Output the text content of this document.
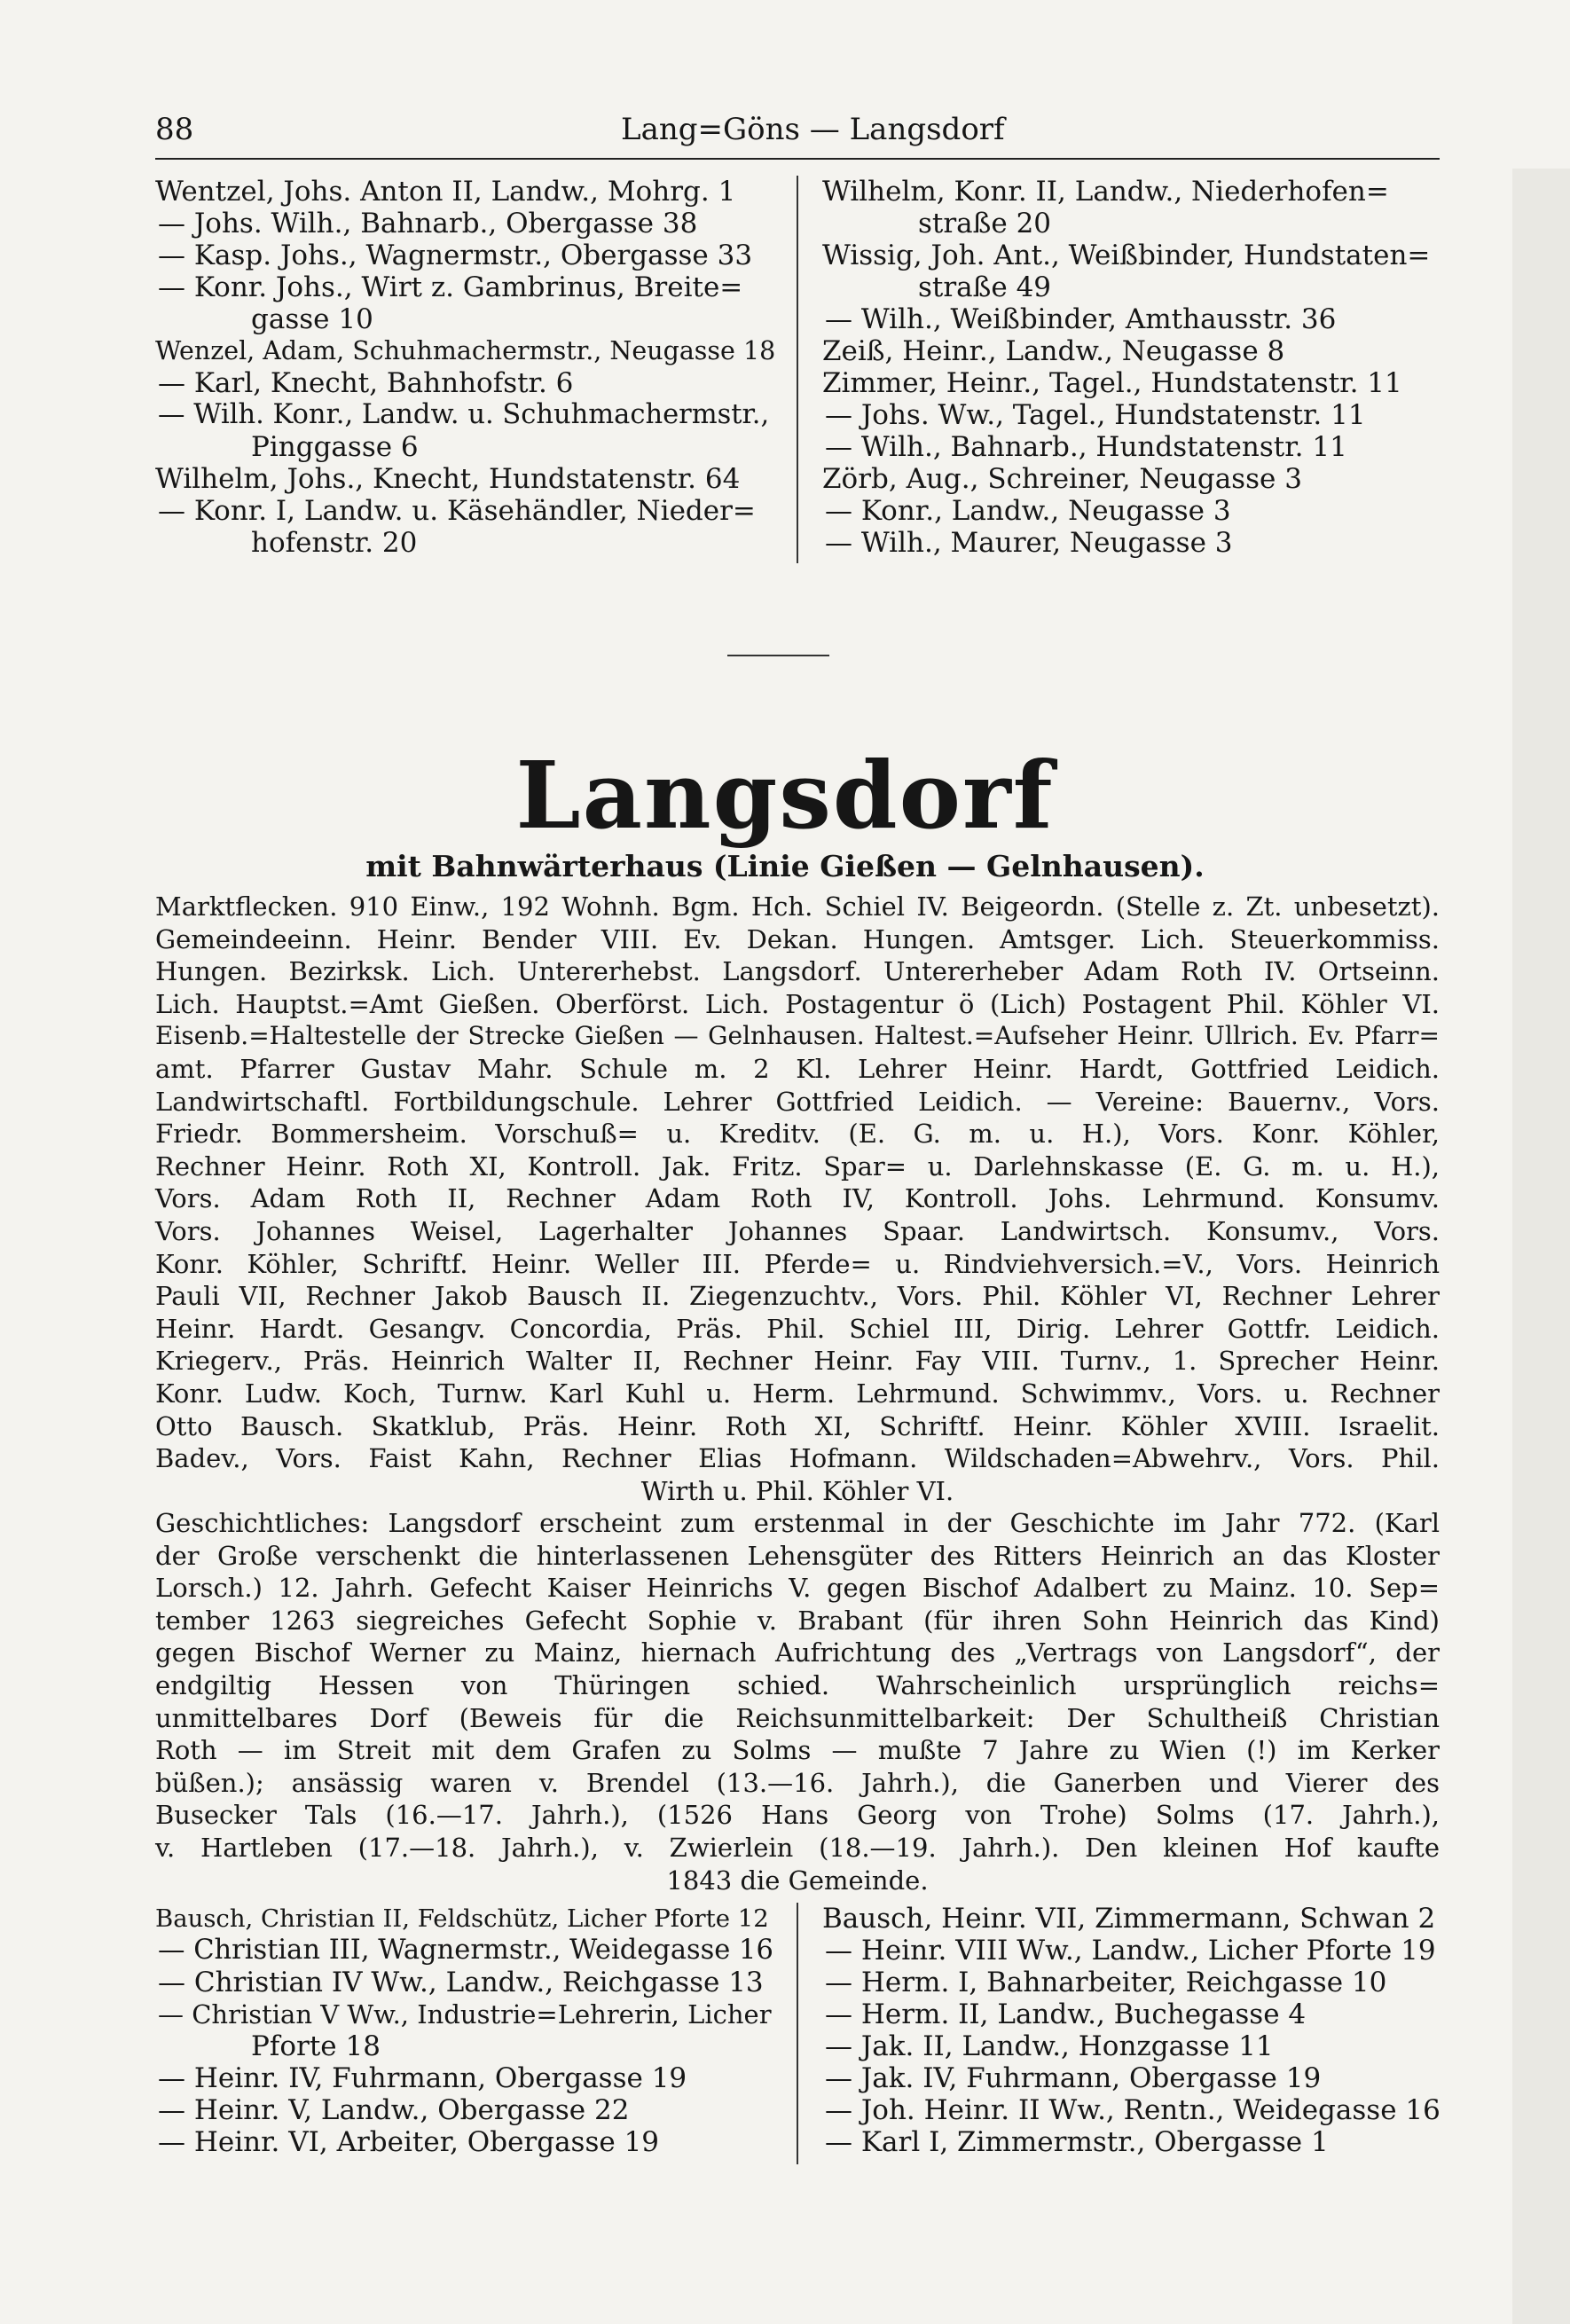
88	Lang=Göns — Langsdorf
Wentzel, Johs. Anton II, Landw., Mohrg. 1
— Johs. Wilh., Bahnarb., Obergasse 38
— Kasp. Johs., Wagnermstr., Obergasse 33
— Konr. Johs., Wirt z. Gambrinus, Breite=
gasse 10
Wenzel, Adam, Schuhmachermstr., Neugasse 18
— Karl, Knecht, Bahnhofstr. 6
— Wilh. Konr., Landw. u. Schuhmachermstr.,
Pinggasse 6
Wilhelm, Johs., Knecht, Hundstatenstr. 64
— Konr. I, Landw. u. Käsehändler, Nieder=
hofenstr. 20
Wilhelm, Konr. II, Landw., Niederhofen=
straße 20
Wissig, Joh. Ant., Weißbinder, Hundstaten=
straße 49
— Wilh., Weißbinder, Amthausstr. 36
Zeiß, Heinr., Landw., Neugasse 8
Zimmer, Heinr., Tagel., Hundstatenstr. 11
— Johs. Ww., Tagel., Hundstatenstr. 11
— Wilh., Bahnarb., Hundstatenstr. 11
Zörb, Aug., Schreiner, Neugasse 3
— Konr., Landw., Neugasse 3
— Wilh., Maurer, Neugasse 3
Langsdorf
mit Bahnwärterhaus (Linie Gießen — Gelnhausen).
Marktflecken. 910 Einw., 192 Wohnh. Bgm. Hch. Schiel IV. Beigeordn. (Stelle z. Zt. unbesetzt).
Gemeindeeinn. Heinr. Bender VIII. Ev. Dekan. Hungen. Amtsger. Lich. Steuerkommiss.
Hungen. Bezirksk. Lich. Untererhebst. Langsdorf. Untererheber Adam Roth IV. Ortseinn.
Lich. Hauptst.=Amt Gießen. Oberförst. Lich. Postagentur ö (Lich) Postagent Phil. Köhler VI.
Eisenb.=Haltestelle der Strecke Gießen — Gelnhausen. Haltest.=Aufseher Heinr. Ullrich. Ev. Pfarr=
amt. Pfarrer Gustav Mahr. Schule m. 2 Kl. Lehrer Heinr. Hardt, Gottfried Leidich.
Landwirtschaftl. Fortbildungschule. Lehrer Gottfried Leidich. — Vereine: Bauernv., Vors.
Friedr. Bommersheim. Vorschuß= u. Kreditv. (E. G. m. u. H.), Vors. Konr. Köhler,
Rechner Heinr. Roth XI, Kontroll. Jak. Fritz. Spar= u. Darlehnskasse (E. G. m. u. H.),
Vors. Adam Roth II, Rechner Adam Roth IV, Kontroll. Johs. Lehrmund. Konsumv.
Vors. Johannes Weisel, Lagerhalter Johannes Spaar. Landwirtsch. Konsumv., Vors.
Konr. Köhler, Schriftf. Heinr. Weller III. Pferde= u. Rindviehversich.=V., Vors. Heinrich
Pauli VII, Rechner Jakob Bausch II. Ziegenzuchtv., Vors. Phil. Köhler VI, Rechner Lehrer
Heinr. Hardt. Gesangv. Concordia, Präs. Phil. Schiel III, Dirig. Lehrer Gottfr. Leidich.
Kriegerv., Präs. Heinrich Walter II, Rechner Heinr. Fay VIII. Turnv., 1. Sprecher Heinr.
Konr. Ludw. Koch, Turnw. Karl Kuhl u. Herm. Lehrmund. Schwimmv., Vors. u. Rechner
Otto Bausch. Skatklub, Präs. Heinr. Roth XI, Schriftf. Heinr. Köhler XVIII. Israelit.
Badev., Vors. Faist Kahn, Rechner Elias Hofmann. Wildschaden=Abwehrv., Vors. Phil.
Wirth u. Phil. Köhler VI.
Geschichtliches: Langsdorf erscheint zum erstenmal in der Geschichte im Jahr 772. (Karl
der Große verschenkt die hinterlassenen Lehensgüter des Ritters Heinrich an das Kloster
Lorsch.) 12. Jahrh. Gefecht Kaiser Heinrichs V. gegen Bischof Adalbert zu Mainz. 10. Sep=
tember 1263 siegreiches Gefecht Sophie v. Brabant (für ihren Sohn Heinrich das Kind)
gegen Bischof Werner zu Mainz, hiernach Aufrichtung des „Vertrags von Langsdorf“, der
endgiltig Hessen von Thüringen schied. Wahrscheinlich ursprünglich reichs=
unmittelbares Dorf (Beweis für die Reichsunmittelbarkeit: Der Schultheiß Christian
Roth — im Streit mit dem Grafen zu Solms — mußte 7 Jahre zu Wien (!) im Kerker
büßen.); ansässig waren v. Brendel (13.—16. Jahrh.), die Ganerben und Vierer des
Busecker Tals (16.—17. Jahrh.), (1526 Hans Georg von Trohe) Solms (17. Jahrh.),
v. Hartleben (17.—18. Jahrh.), v. Zwierlein (18.—19. Jahrh.). Den kleinen Hof kaufte
1843 die Gemeinde.
Bausch, Christian II, Feldschütz, Licher Pforte 12
— Christian III, Wagnermstr., Weidegasse 16
— Christian IV Ww., Landw., Reichgasse 13
— Christian V Ww., Industrie=Lehrerin, Licher
Pforte 18
— Heinr. IV, Fuhrmann, Obergasse 19
— Heinr. V, Landw., Obergasse 22
— Heinr. VI, Arbeiter, Obergasse 19
Bausch, Heinr. VII, Zimmermann, Schwan 2
— Heinr. VIII Ww., Landw., Licher Pforte 19
— Herm. I, Bahnarbeiter, Reichgasse 10
— Herm. II, Landw., Buchegasse 4
— Jak. II, Landw., Honzgasse 11
— Jak. IV, Fuhrmann, Obergasse 19
— Joh. Heinr. II Ww., Rentn., Weidegasse 16
— Karl I, Zimmermstr., Obergasse 1
